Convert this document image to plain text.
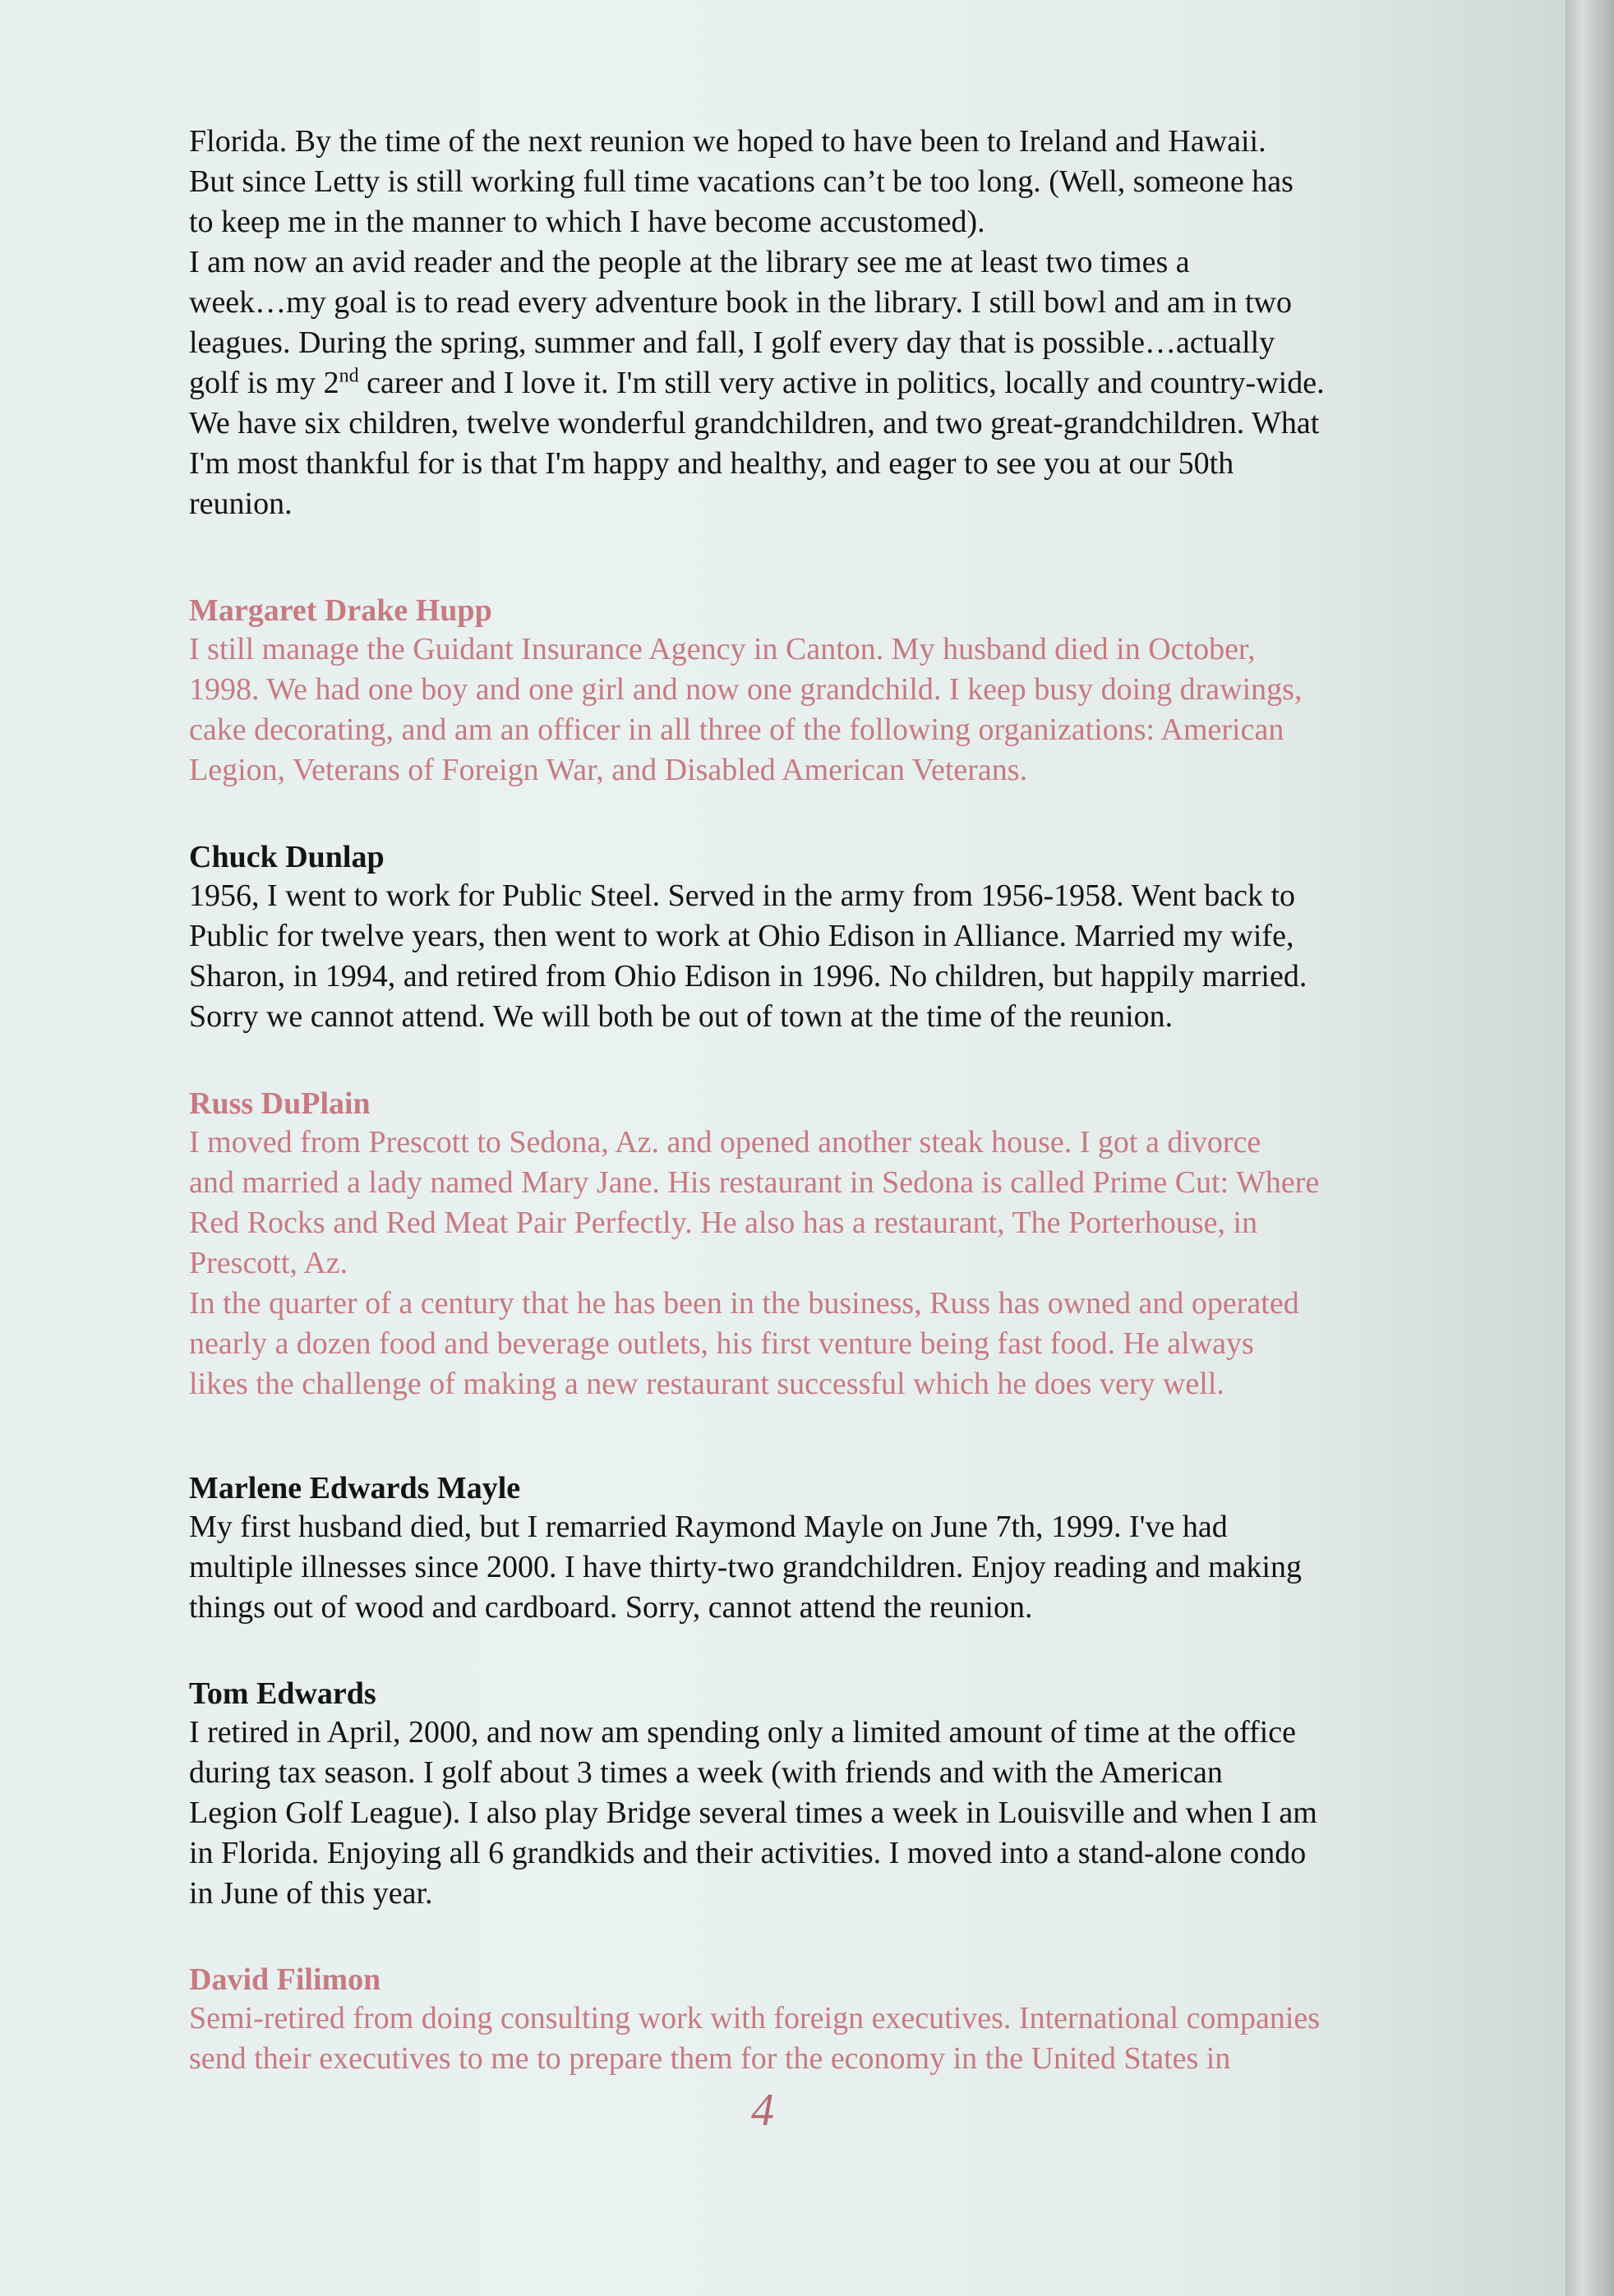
Florida. By the time of the next reunion we hoped to have been to Ireland and Hawaii.

But since Letty is still working full time vacations can’t be too long. (Well, someone has

to keep me in the manner to which I have become accustomed).

I am now an avid reader and the people at the library see me at least two times a

week…my goal is to read every adventure book in the library. I still bowl and am in two

leagues. During the spring, summer and fall, I golf every day that is possible…actually

golf is my 2nd career and I love it. I'm still very active in politics, locally and country-wide.

We have six children, twelve wonderful grandchildren, and two great-grandchildren. What

I'm most thankful for is that I'm happy and healthy, and eager to see you at our 50th

reunion.

Margaret Drake Hupp

I still manage the Guidant Insurance Agency in Canton. My husband died in October,

1998. We had one boy and one girl and now one grandchild. I keep busy doing drawings,

cake decorating, and am an officer in all three of the following organizations: American

Legion, Veterans of Foreign War, and Disabled American Veterans.

Chuck Dunlap

1956, I went to work for Public Steel. Served in the army from 1956-1958. Went back to

Public for twelve years, then went to work at Ohio Edison in Alliance. Married my wife,

Sharon, in 1994, and retired from Ohio Edison in 1996. No children, but happily married.

Sorry we cannot attend. We will both be out of town at the time of the reunion.

Russ DuPlain

I moved from Prescott to Sedona, Az. and opened another steak house. I got a divorce

and married a lady named Mary Jane. His restaurant in Sedona is called Prime Cut: Where

Red Rocks and Red Meat Pair Perfectly. He also has a restaurant, The Porterhouse, in

Prescott, Az.

In the quarter of a century that he has been in the business, Russ has owned and operated

nearly a dozen food and beverage outlets, his first venture being fast food. He always

likes the challenge of making a new restaurant successful which he does very well.

Marlene Edwards Mayle

My first husband died, but I remarried Raymond Mayle on June 7th, 1999. I've had

multiple illnesses since 2000. I have thirty-two grandchildren. Enjoy reading and making

things out of wood and cardboard. Sorry, cannot attend the reunion.

Tom Edwards

I retired in April, 2000, and now am spending only a limited amount of time at the office

during tax season. I golf about 3 times a week (with friends and with the American

Legion Golf League). I also play Bridge several times a week in Louisville and when I am

in Florida. Enjoying all 6 grandkids and their activities. I moved into a stand-alone condo

in June of this year.

David Filimon

Semi-retired from doing consulting work with foreign executives. International companies

send their executives to me to prepare them for the economy in the United States in

4
